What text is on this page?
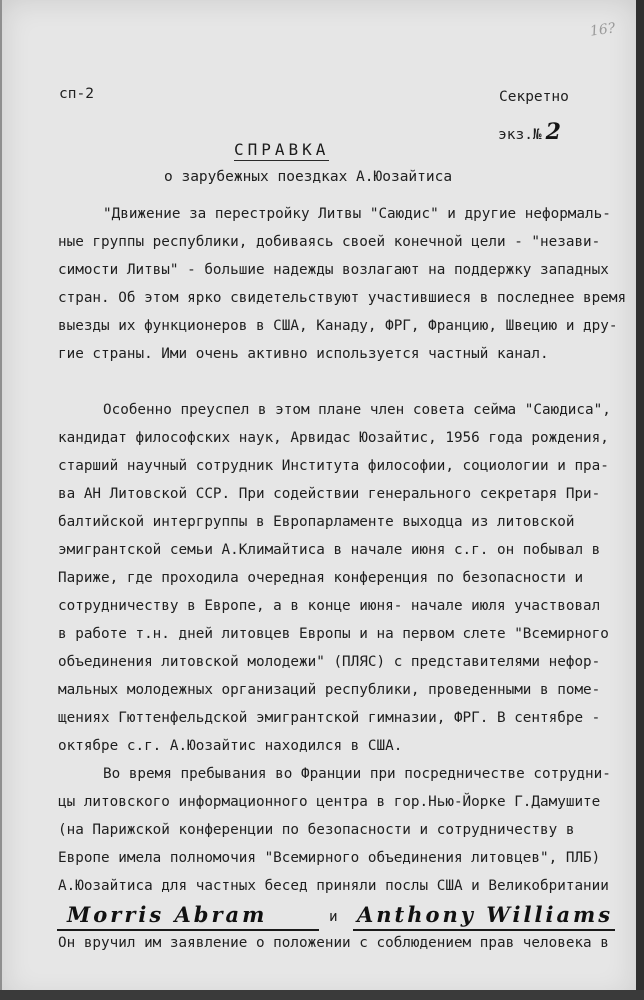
16?
сп-2	Секретно
экз.№ 2
СПРАВКА
о зарубежных поездках А.Юозайтиса
"Движение за перестройку Литвы "Саюдис" и другие неформаль-
ные группы республики, добиваясь своей конечной цели - "незави-
симости Литвы" - большие надежды возлагают на поддержку западных
стран. Об этом ярко свидетельствуют участившиеся в последнее время
выезды их функционеров в США, Канаду, ФРГ, Францию, Швецию и дру-
гие страны. Ими очень активно используется частный канал.
Особенно преуспел в этом плане член совета сейма "Саюдиса",
кандидат философских наук, Арвидас Юозайтис, 1956 года рождения,
старший научный сотрудник Института философии, социологии и пра-
ва АН Литовской ССР. При содействии генерального секретаря При-
балтийской интергруппы в Европарламенте выходца из литовской
эмигрантской семьи А.Климайтиса в начале июня с.г. он побывал в
Париже, где проходила очередная конференция по безопасности и
сотрудничеству в Европе, а в конце июня- начале июля участвовал
в работе т.н. дней литовцев Европы и на первом слете "Всемирного
объединения литовской молодежи" (ПЛЯС) с представителями нефор-
мальных молодежных организаций республики, проведенными в поме-
щениях Гюттенфельдской эмигрантской гимназии, ФРГ. В сентябре -
октябре с.г. А.Юозайтис находился в США.
Во время пребывания во Франции при посредничестве сотрудни-
цы литовского информационного центра в гор.Нью-Йорке Г.Дамушите
(на Парижской конференции по безопасности и сотрудничеству в
Европе имела полномочия "Всемирного объединения литовцев", ПЛБ)
А.Юозайтиса для частных бесед приняли послы США и Великобритании
Morris Abram	и Anthony Williams
Он вручил им заявление о положении с соблюдением прав человека в
